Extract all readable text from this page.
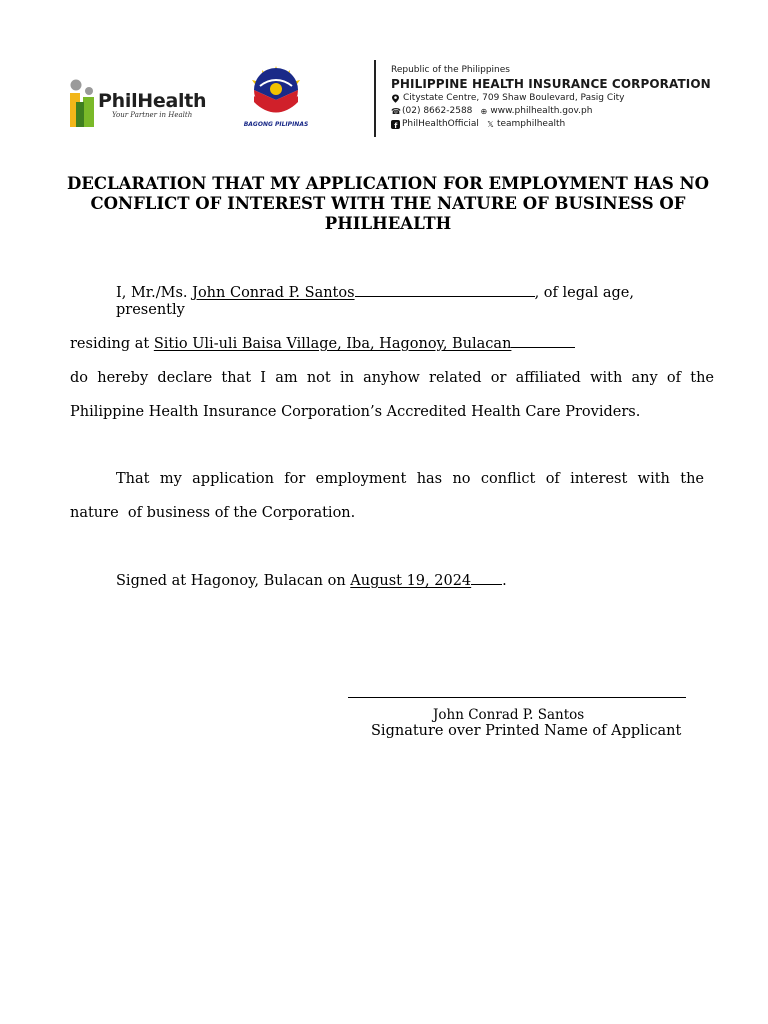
PhilHealth
Your Partner in Health
BAGONG PILIPINAS
Republic of the Philippines
PHILIPPINE HEALTH INSURANCE CORPORATION
Citystate Centre, 709 Shaw Boulevard, Pasig City
☎ (02) 8662-2588 ⊕ www.philhealth.gov.ph
f PhilHealthOfficial 𝕏 teamphilhealth
DECLARATION THAT MY APPLICATION FOR EMPLOYMENT HAS NO CONFLICT OF INTEREST WITH THE NATURE OF BUSINESS OF PHILHEALTH
I, Mr./Ms. John Conrad P. Santos	, of legal age,
presently
residing at Sitio Uli-uli Baisa Village, Iba, Hagonoy, Bulacan
do hereby declare that I am not in anyhow related or affiliated with any of the
Philippine Health Insurance Corporation’s Accredited Health Care Providers.
That my application for employment has no conflict of interest with the
nature  of business of the Corporation.
Signed at Hagonoy, Bulacan on August 19, 2024 .
John Conrad P. Santos
Signature over Printed Name of Applicant
